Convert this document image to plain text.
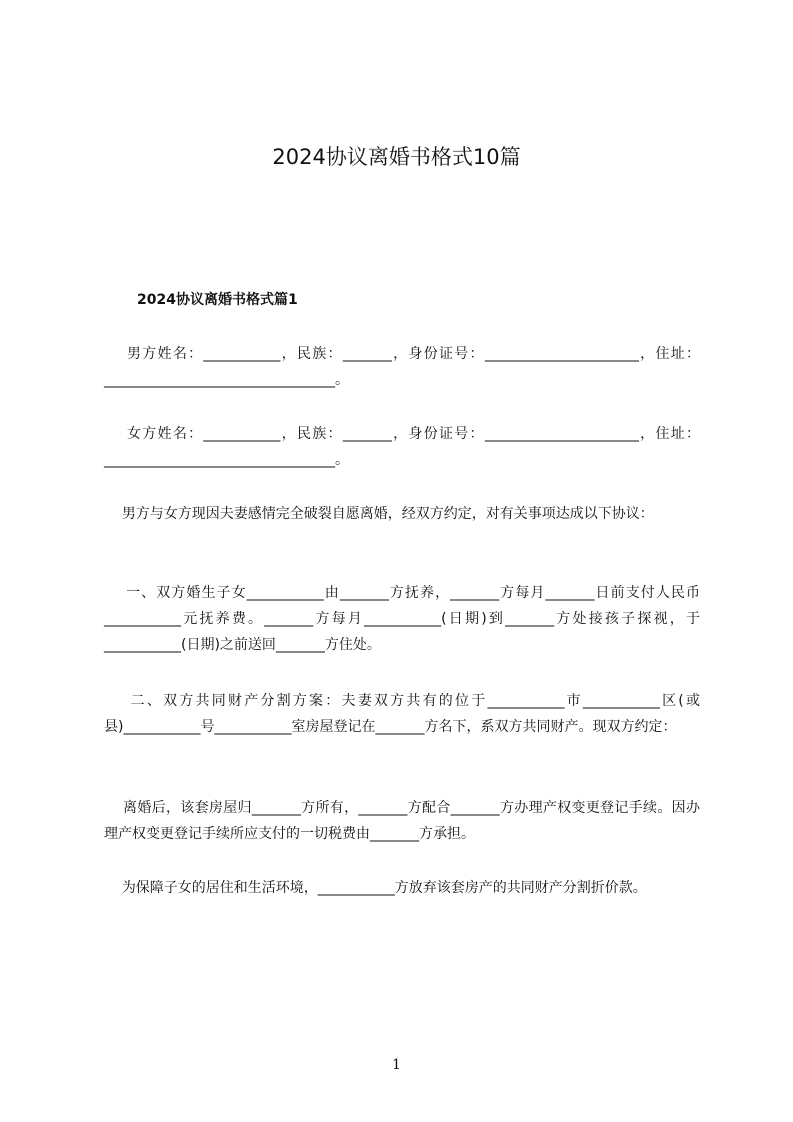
2024协议离婚书格式10篇
2024协议离婚书格式篇1

男方姓名：___________，民族：_______，身份证号：______________________，住址：_________________________________。

女方姓名：___________，民族：_______，身份证号：______________________，住址：_________________________________。

男方与女方现因夫妻感情完全破裂自愿离婚，经双方约定，对有关事项达成以下协议：

一、双方婚生子女___________由_______方抚养，_______方每月_______日前支付人民币___________元抚养费。_______方每月___________(日期)到_______方处接孩子探视，于___________(日期)之前送回_______方住处。

二、双方共同财产分割方案：夫妻双方共有的位于___________市___________区(或县)___________号___________室房屋登记在_______方名下，系双方共同财产。现双方约定：

离婚后，该套房屋归_______方所有，_______方配合_______方办理产权变更登记手续。因办理产权变更登记手续所应支付的一切税费由_______方承担。

为保障子女的居住和生活环境，___________方放弃该套房产的共同财产分割折价款。

1
